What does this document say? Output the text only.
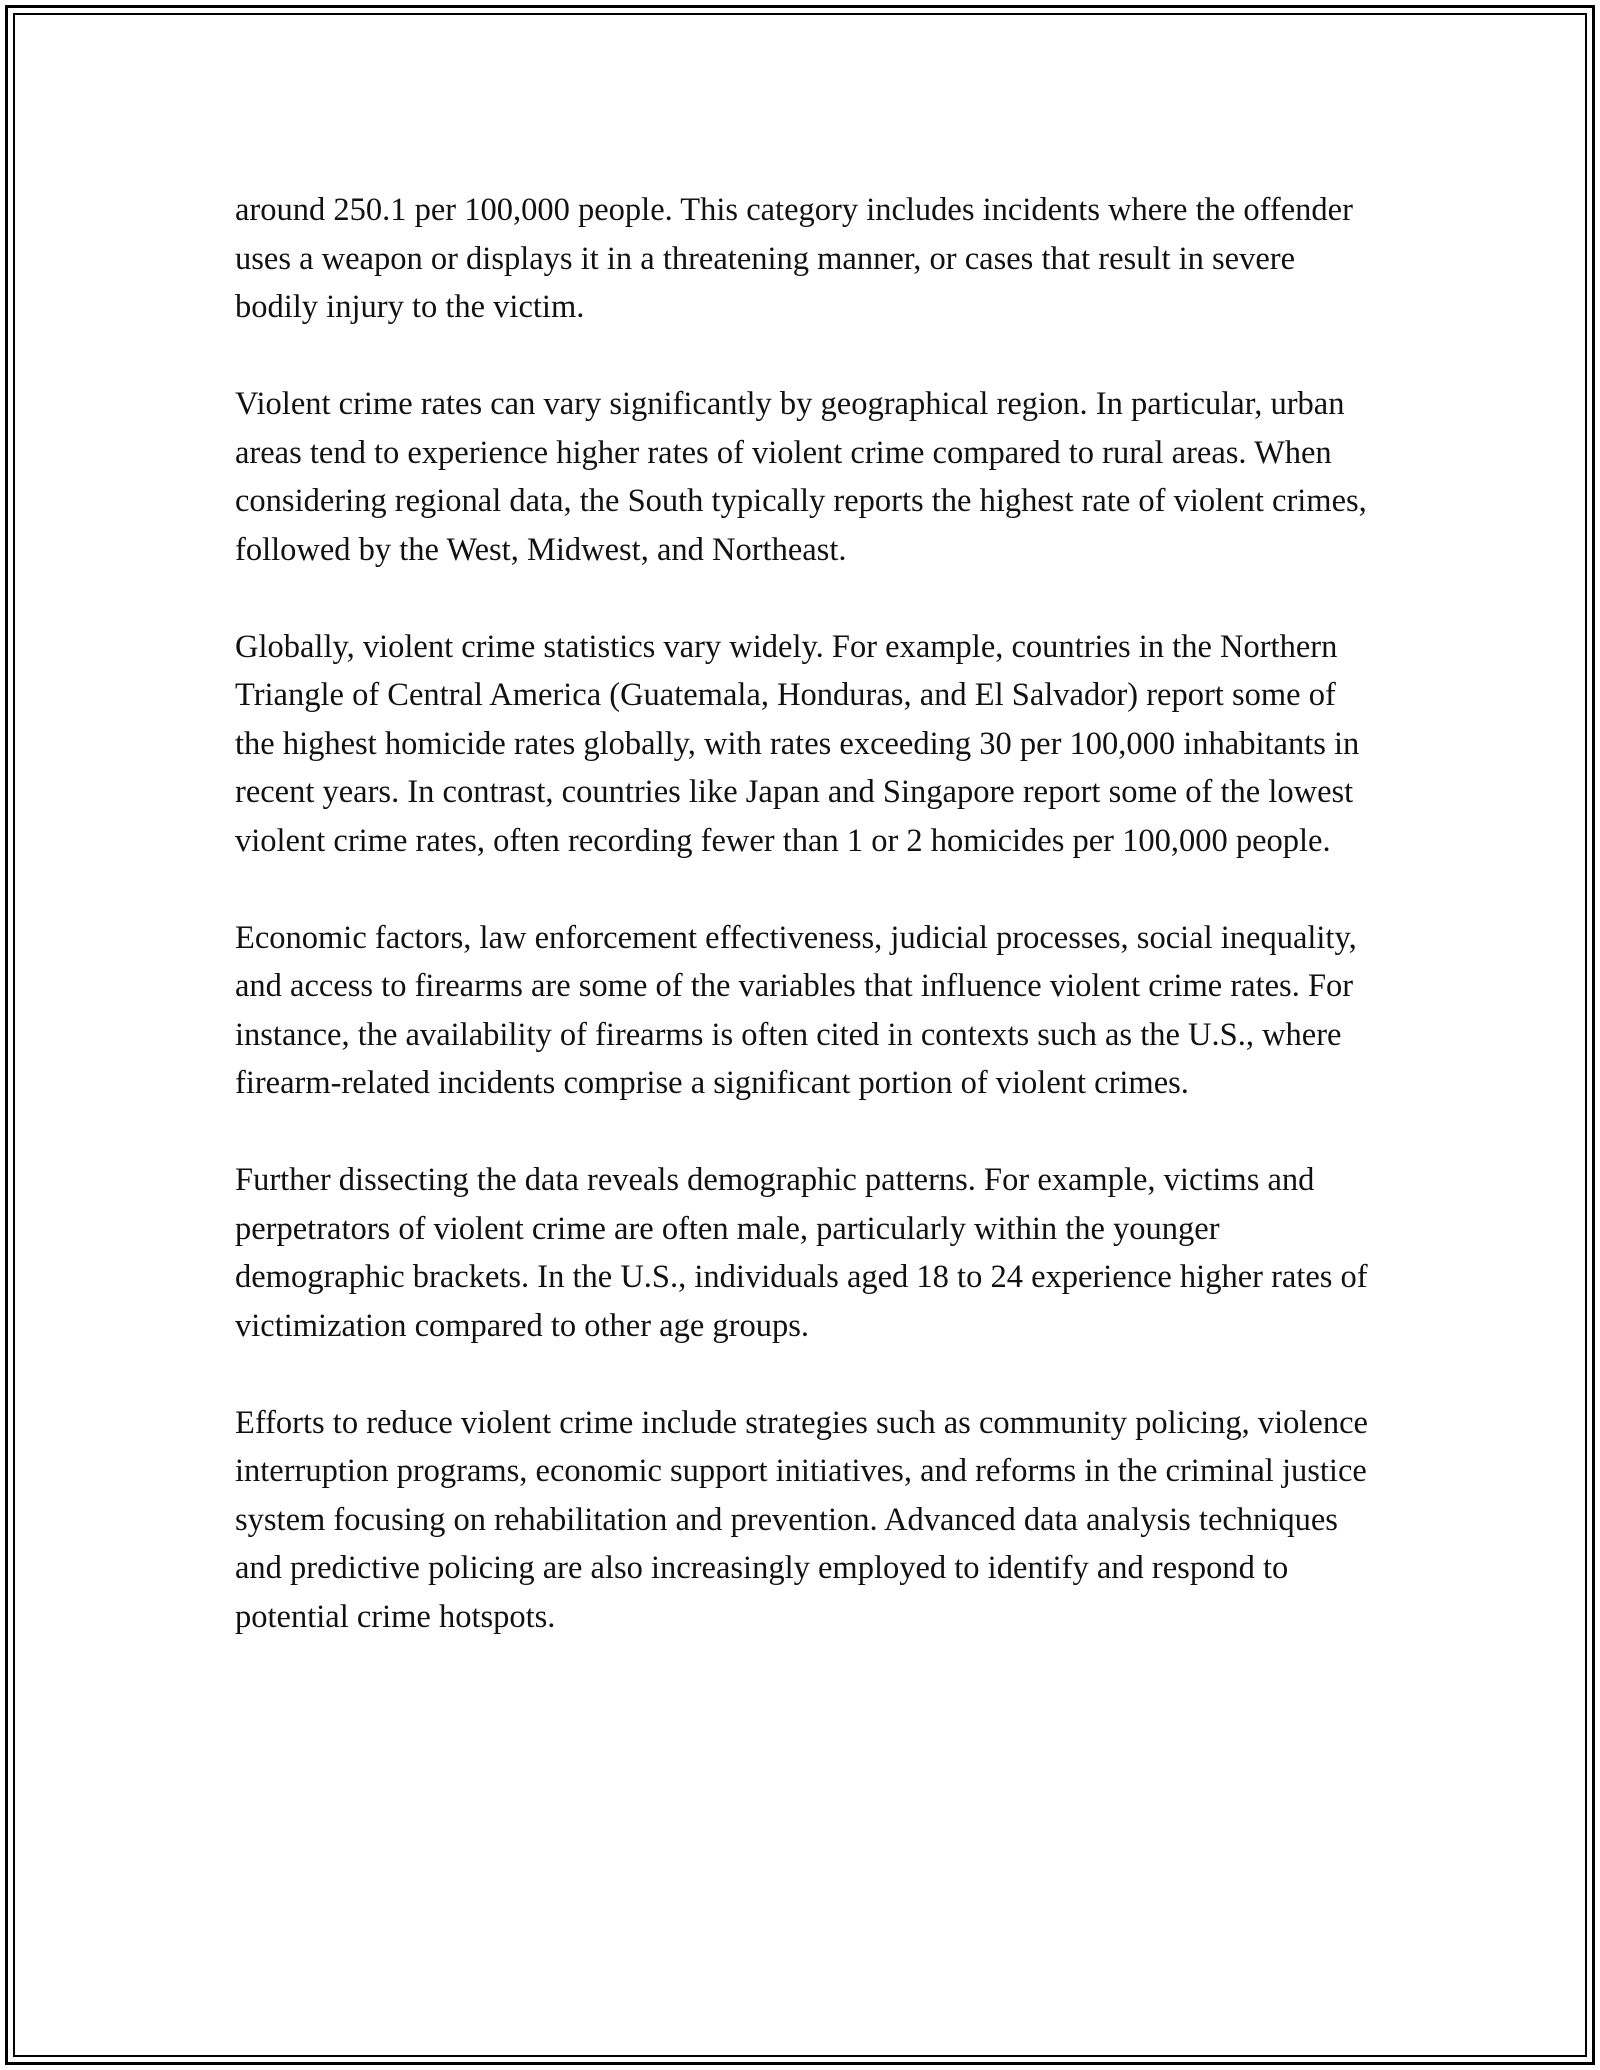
around 250.1 per 100,000 people. This category includes incidents where the offender uses a weapon or displays it in a threatening manner, or cases that result in severe bodily injury to the victim.

Violent crime rates can vary significantly by geographical region. In particular, urban areas tend to experience higher rates of violent crime compared to rural areas. When considering regional data, the South typically reports the highest rate of violent crimes, followed by the West, Midwest, and Northeast.

Globally, violent crime statistics vary widely. For example, countries in the Northern Triangle of Central America (Guatemala, Honduras, and El Salvador) report some of the highest homicide rates globally, with rates exceeding 30 per 100,000 inhabitants in recent years. In contrast, countries like Japan and Singapore report some of the lowest violent crime rates, often recording fewer than 1 or 2 homicides per 100,000 people.

Economic factors, law enforcement effectiveness, judicial processes, social inequality, and access to firearms are some of the variables that influence violent crime rates. For instance, the availability of firearms is often cited in contexts such as the U.S., where firearm-related incidents comprise a significant portion of violent crimes.

Further dissecting the data reveals demographic patterns. For example, victims and perpetrators of violent crime are often male, particularly within the younger demographic brackets. In the U.S., individuals aged 18 to 24 experience higher rates of victimization compared to other age groups.

Efforts to reduce violent crime include strategies such as community policing, violence interruption programs, economic support initiatives, and reforms in the criminal justice system focusing on rehabilitation and prevention. Advanced data analysis techniques and predictive policing are also increasingly employed to identify and respond to potential crime hotspots.
